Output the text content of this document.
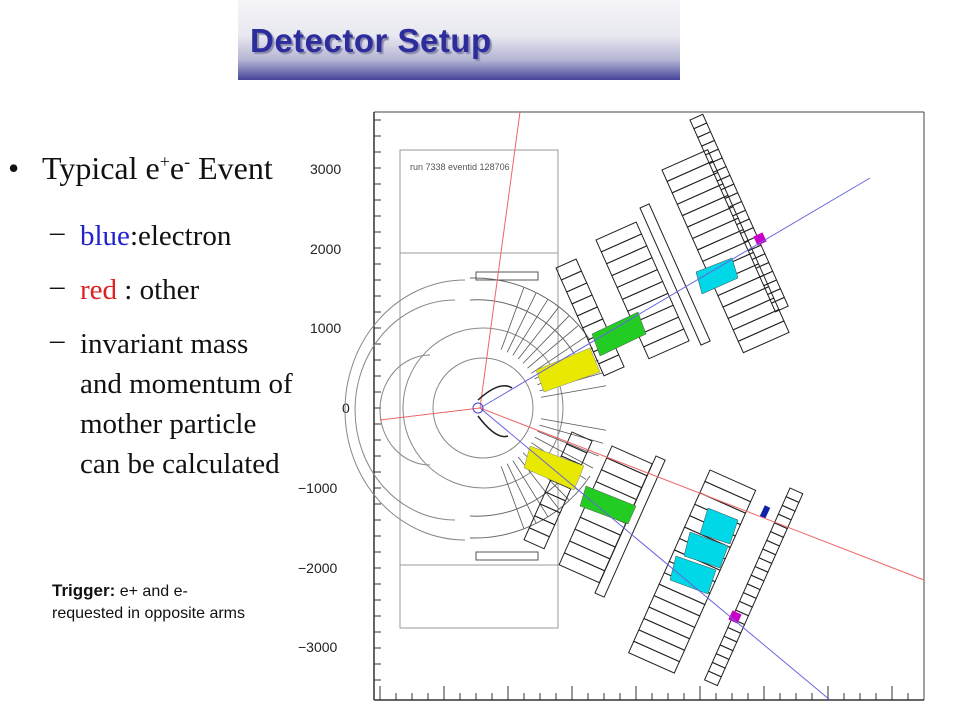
Detector Setup
• Typical e+e- Event
– blue:electron
– red : other
– invariant mass
and momentum of
mother particle
can be calculated
Trigger: e+ and e- requested in opposite arms
3000
2000
1000
0
−1000
−2000
−3000
run 7338 eventid 128706
